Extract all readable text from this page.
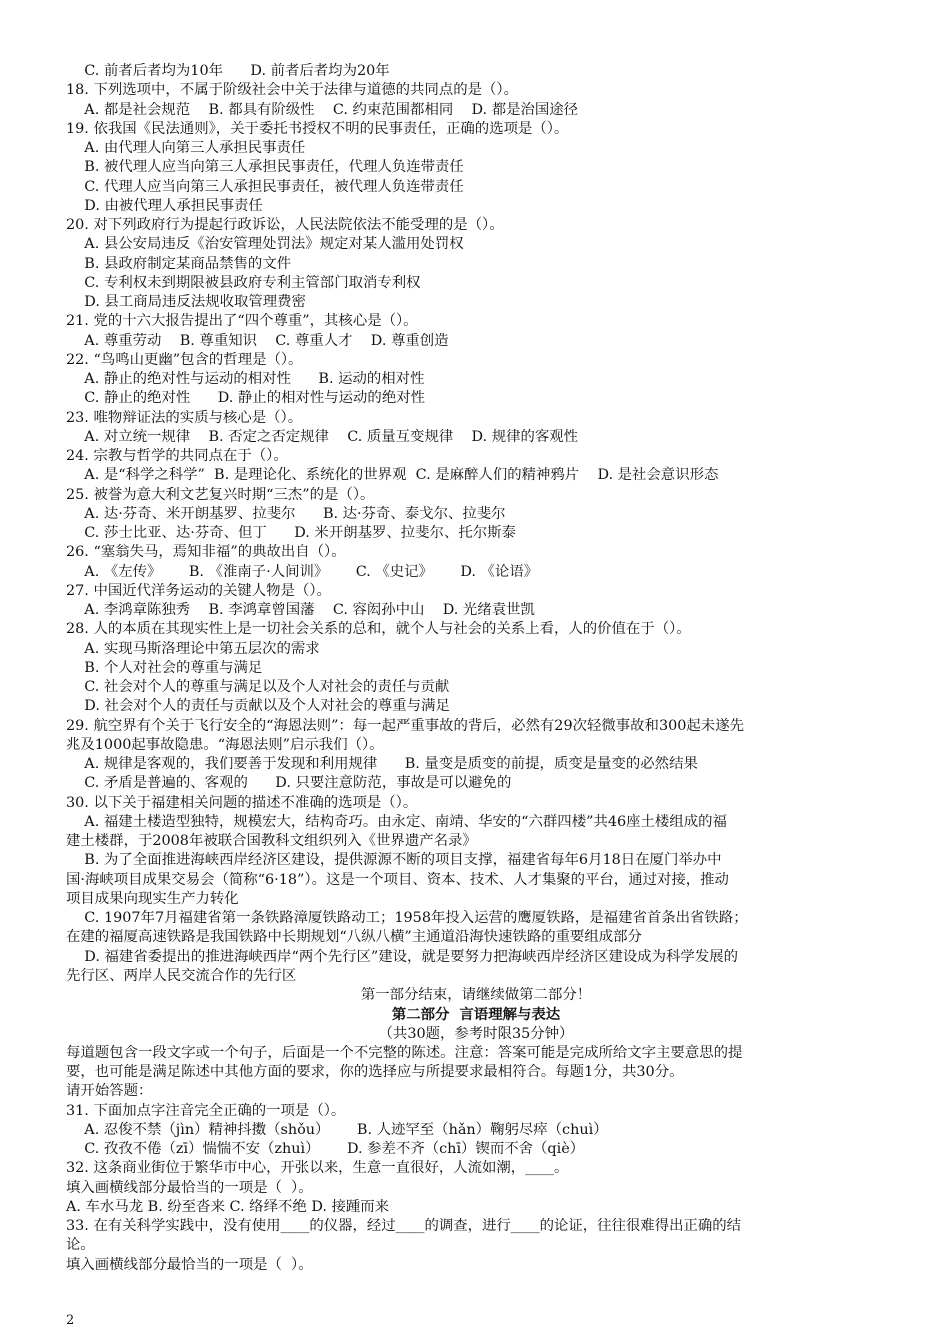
C. 前者后者均为10年      D. 前者后者均为20年
18. 下列选项中，不属于阶级社会中关于法律与道德的共同点的是（）。
A. 都是社会规范    B. 都具有阶级性    C. 约束范围都相同    D. 都是治国途径
19. 依我国《民法通则》，关于委托书授权不明的民事责任，正确的选项是（）。
A. 由代理人向第三人承担民事责任
B. 被代理人应当向第三人承担民事责任，代理人负连带责任
C. 代理人应当向第三人承担民事责任，被代理人负连带责任
D. 由被代理人承担民事责任
20. 对下列政府行为提起行政诉讼，人民法院依法不能受理的是（）。
A. 县公安局违反《治安管理处罚法》规定对某人滥用处罚权
B. 县政府制定某商品禁售的文件
C. 专利权未到期限被县政府专利主管部门取消专利权
D. 县工商局违反法规收取管理费密
21. 党的十六大报告提出了“四个尊重”，其核心是（）。
A. 尊重劳动    B. 尊重知识    C. 尊重人才    D. 尊重创造
22. “鸟鸣山更幽”包含的哲理是（）。
A. 静止的绝对性与运动的相对性      B. 运动的相对性
C. 静止的绝对性      D. 静止的相对性与运动的绝对性
23. 唯物辩证法的实质与核心是（）。
A. 对立统一规律    B. 否定之否定规律    C. 质量互变规律    D. 规律的客观性
24. 宗教与哲学的共同点在于（）。
A. 是“科学之科学”  B. 是理论化、系统化的世界观  C. 是麻醉人们的精神鸦片    D. 是社会意识形态
25. 被誉为意大利文艺复兴时期“三杰”的是（）。
A. 达·芬奇、米开朗基罗、拉斐尔      B. 达·芬奇、泰戈尔、拉斐尔
C. 莎士比亚、达·芬奇、但丁      D. 米开朗基罗、拉斐尔、托尔斯泰
26. “塞翁失马，焉知非福”的典故出自（）。
A. 《左传》      B. 《淮南子·人间训》      C. 《史记》      D. 《论语》
27. 中国近代洋务运动的关键人物是（）。
A. 李鸿章陈独秀    B. 李鸿章曾国藩    C. 容闳孙中山    D. 光绪袁世凯
28. 人的本质在其现实性上是一切社会关系的总和，就个人与社会的关系上看，人的价值在于（）。
A. 实现马斯洛理论中第五层次的需求
B. 个人对社会的尊重与满足
C. 社会对个人的尊重与满足以及个人对社会的责任与贡献
D. 社会对个人的责任与贡献以及个人对社会的尊重与满足
29. 航空界有个关于飞行安全的“海恩法则”：每一起严重事故的背后，必然有29次轻微事故和300起未遂先
兆及1000起事故隐患。“海恩法则”启示我们（）。
A. 规律是客观的，我们要善于发现和利用规律      B. 量变是质变的前提，质变是量变的必然结果
C. 矛盾是普遍的、客观的      D. 只要注意防范，事故是可以避免的
30. 以下关于福建相关问题的描述不准确的选项是（）。
A. 福建土楼造型独特，规模宏大，结构奇巧。由永定、南靖、华安的“六群四楼”共46座土楼组成的福
建土楼群，于2008年被联合国教科文组织列入《世界遗产名录》
B. 为了全面推进海峡西岸经济区建设，提供源源不断的项目支撑，福建省每年6月18日在厦门举办中
国·海峡项目成果交易会（简称“6·18”）。这是一个项目、资本、技术、人才集聚的平台，通过对接，推动
项目成果向现实生产力转化
C. 1907年7月福建省第一条铁路漳厦铁路动工；1958年投入运营的鹰厦铁路，是福建省首条出省铁路；
在建的福厦高速铁路是我国铁路中长期规划“八纵八横”主通道沿海快速铁路的重要组成部分
D. 福建省委提出的推进海峡西岸“两个先行区”建设，就是要努力把海峡西岸经济区建设成为科学发展的
先行区、两岸人民交流合作的先行区
第一部分结束，请继续做第二部分！
第二部分  言语理解与表达
（共30题，参考时限35分钟）
每道题包含一段文字或一个句子，后面是一个不完整的陈述。注意：答案可能是完成所给文字主要意思的提
要，也可能是满足陈述中其他方面的要求，你的选择应与所提要求最相符合。每题1分，共30分。
请开始答题：
31. 下面加点字注音完全正确的一项是（）。
A. 忍俊不禁（jìn）精神抖擞（shǒu）      B. 人迹罕至（hǎn）鞠躬尽瘁（chuì）
C. 孜孜不倦（zī）惴惴不安（zhuì）      D. 参差不齐（chī）锲而不舍（qiè）
32. 这条商业街位于繁华市中心，开张以来，生意一直很好，人流如潮，____。
填入画横线部分最恰当的一项是（  ）。
A. 车水马龙 B. 纷至沓来 C. 络绎不绝 D. 接踵而来
33. 在有关科学实践中，没有使用____的仪器，经过____的调查，进行____的论证，往往很难得出正确的结
论。
填入画横线部分最恰当的一项是（  ）。
2
